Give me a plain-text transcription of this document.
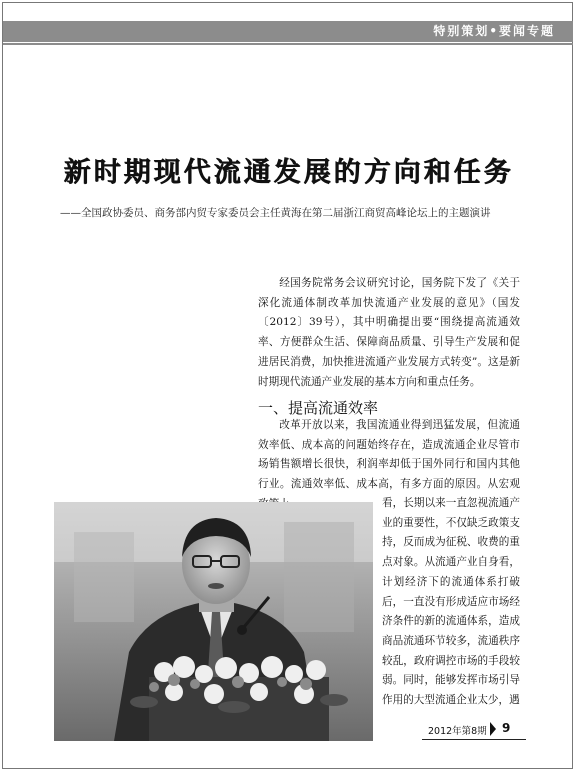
特别策划•要闻专题
新时期现代流通发展的方向和任务
——全国政协委员、商务部内贸专家委员会主任黄海在第二届浙江商贸高峰论坛上的主题演讲

经国务院常务会议研究讨论，国务院下发了《关于深化流通体制改革加快流通产业发展的意见》（国发〔2012〕39号），其中明确提出要“围绕提高流通效率、方便群众生活、保障商品质量、引导生产发展和促进居民消费，加快推进流通产业发展方式转变”。这是新时期现代流通产业发展的基本方向和重点任务。

一、提高流通效率

改革开放以来，我国流通业得到迅猛发展，但流通效率低、成本高的问题始终存在，造成流通企业尽管市场销售额增长很快，利润率却低于国外同行和国内其他行业。流通效率低、成本高，有多方面的原因。从宏观

看，长期以来一直忽视流通产业的重要性，不仅缺乏政策支持，反而成为征税、收费的重点对象。从流通产业自身看，计划经济下的流通体系打破后，一直没有形成适应市场经济条件的新的流通体系，造成商品流通环节较多，流通秩序较乱，政府调控市场的手段较弱。同时，能够发挥市场引导作用的大型流通企业太少，遇

2012年第8期 9
